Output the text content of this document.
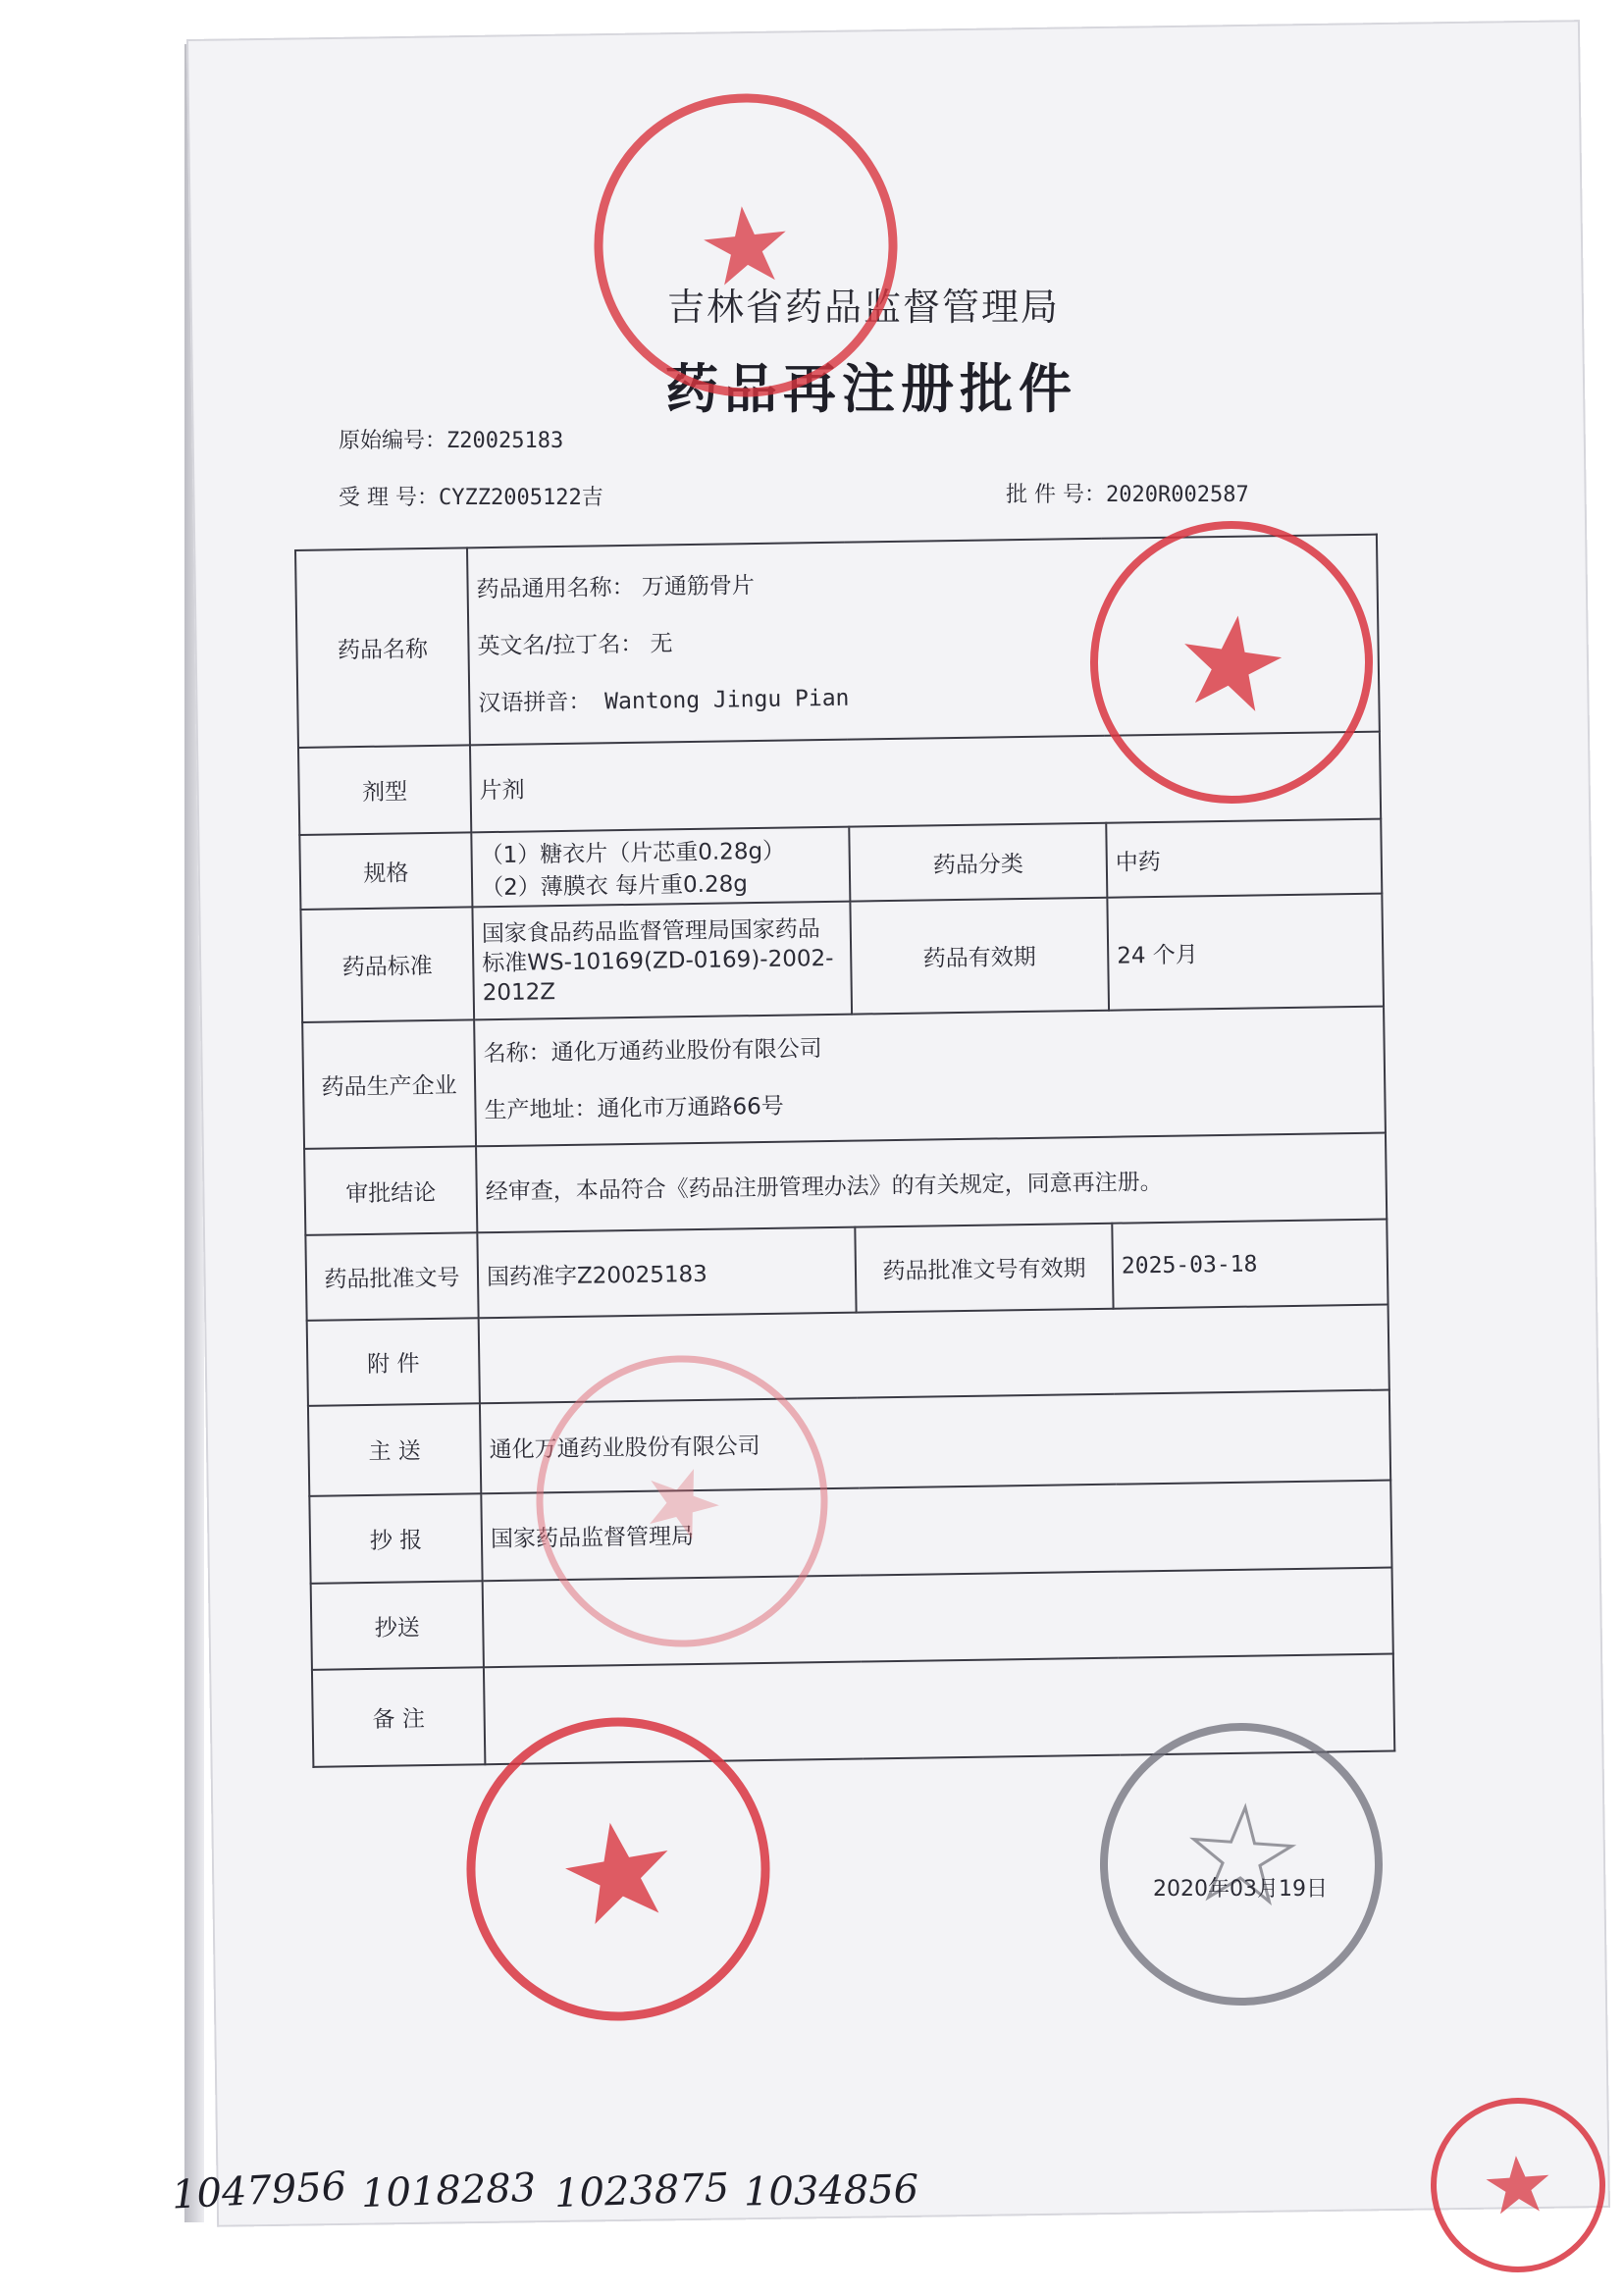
吉林省药品监督管理局
药品再注册批件
原始编号：Z20025183
受 理 号：CYZZ2005122吉	批 件 号：2020R002587
药品名称	药品通用名称： 万通筋骨片
英文名/拉丁名： 无
汉语拼音： Wantong Jingu Pian		

剂型	片剂		
规格	（1）糖衣片（片芯重0.28g）
（2）薄膜衣 每片重0.28g	药品分类	中药
药品标准	国家食品药品监督管理局国家药品标准WS-10169(ZD-0169)-2002-2012Z	药品有效期	24 个月
药品生产企业	名称：通化万通药业股份有限公司
生产地址：通化市万通路66号		

审批结论	经审查，本品符合《药品注册管理办法》的有关规定，同意再注册。		
药品批准文号	国药准字Z20025183	药品批准文号有效期	2025-03-18
附 件			
主 送	通化万通药业股份有限公司		
抄 报	国家药品监督管理局		
抄送			
备 注			
2020年03月19日
1047956 1018283 1023875 1034856
